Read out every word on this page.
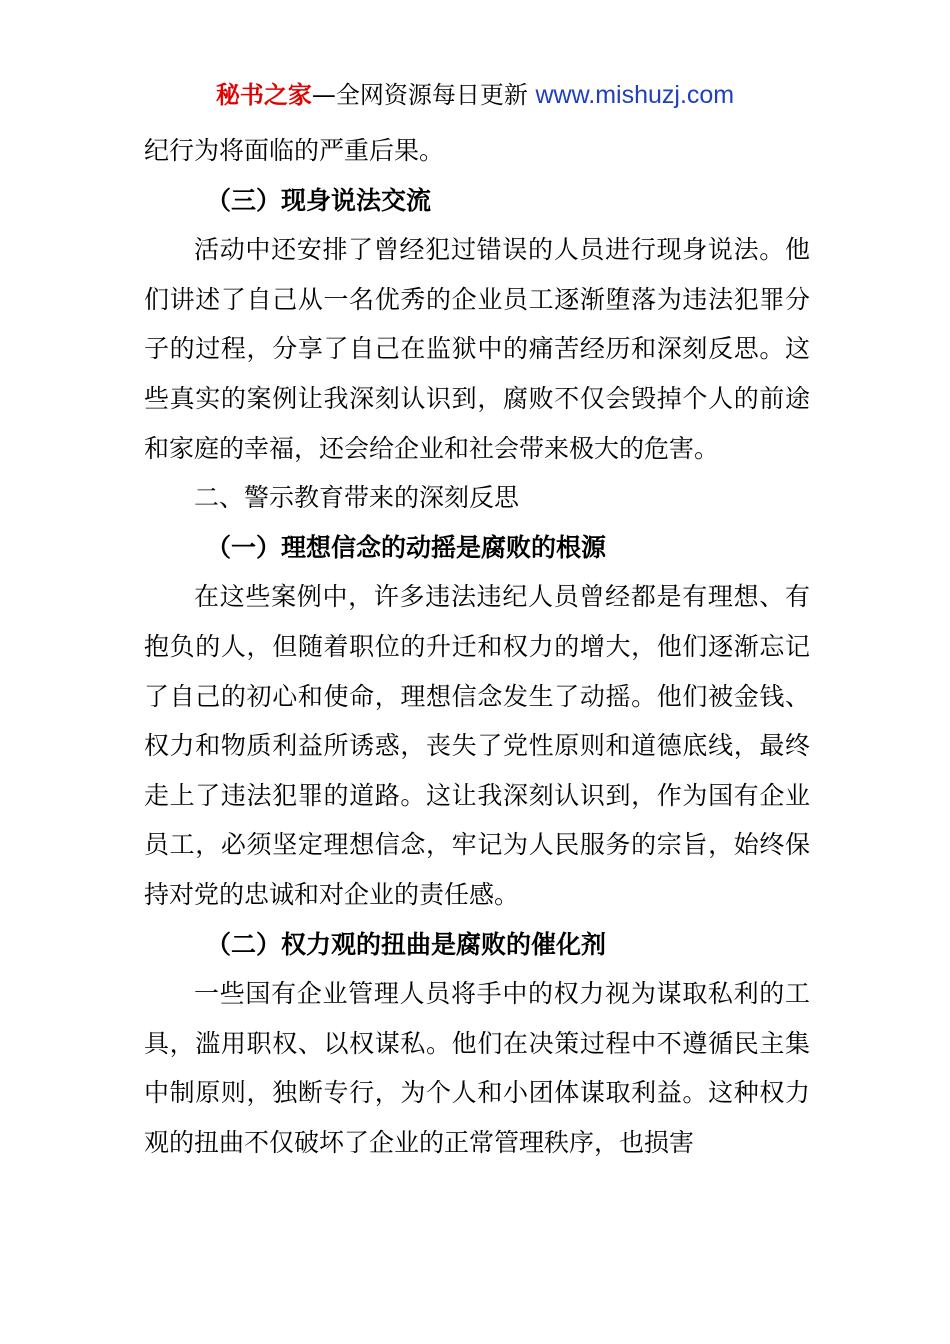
秘书之家—全网资源每日更新 www.mishuzj.com

纪行为将面临的严重后果。

（三）现身说法交流

活动中还安排了曾经犯过错误的人员进行现身说法。他们讲述了自己从一名优秀的企业员工逐渐堕落为违法犯罪分子的过程，分享了自己在监狱中的痛苦经历和深刻反思。这些真实的案例让我深刻认识到，腐败不仅会毁掉个人的前途和家庭的幸福，还会给企业和社会带来极大的危害。

二、警示教育带来的深刻反思

（一）理想信念的动摇是腐败的根源

在这些案例中，许多违法违纪人员曾经都是有理想、有抱负的人，但随着职位的升迁和权力的增大，他们逐渐忘记了自己的初心和使命，理想信念发生了动摇。他们被金钱、权力和物质利益所诱惑，丧失了党性原则和道德底线，最终走上了违法犯罪的道路。这让我深刻认识到，作为国有企业员工，必须坚定理想信念，牢记为人民服务的宗旨，始终保持对党的忠诚和对企业的责任感。

（二）权力观的扭曲是腐败的催化剂

一些国有企业管理人员将手中的权力视为谋取私利的工具，滥用职权、以权谋私。他们在决策过程中不遵循民主集中制原则，独断专行，为个人和小团体谋取利益。这种权力观的扭曲不仅破坏了企业的正常管理秩序，也损害
